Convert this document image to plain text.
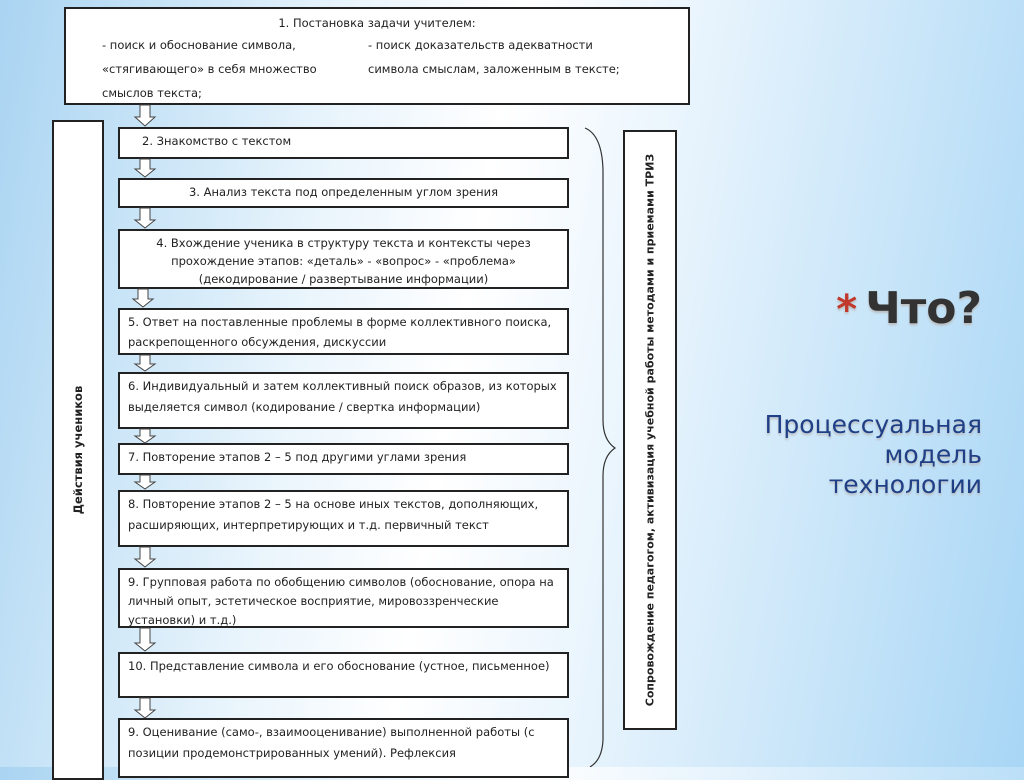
1. Постановка задачи учителем:
- поиск и обоснование символа,
«стягивающего» в себя множество
смыслов текста;
- поиск доказательств адекватности
символа смыслам, заложенным в тексте;
Действия учеников
2. Знакомство с текстом
3. Анализ текста под определенным углом зрения
4. Вхождение ученика в структуру текста и контексты через прохождение этапов: «деталь» - «вопрос» - «проблема» (декодирование / развертывание информации)
5. Ответ на поставленные проблемы в форме коллективного поиска, раскрепощенного обсуждения, дискуссии
6. Индивидуальный и затем коллективный поиск образов, из которых выделяется символ (кодирование / свертка информации)
7. Повторение этапов 2 – 5 под другими углами зрения
8. Повторение этапов 2 – 5 на основе иных текстов, дополняющих, расширяющих, интерпретирующих и т.д. первичный текст
9. Групповая работа по обобщению символов (обоснование, опора на личный опыт, эстетическое восприятие, мировоззренческие установки) и т.д.)
10. Представление символа и его обоснование (устное, письменное)
9. Оценивание (само-, взаимооценивание) выполненной работы (с позиции продемонстрированных умений). Рефлексия
Сопровождение педагогом, активизация учебной работы методами и приемами ТРИЗ	* Что?
Процессуальная
модель
технологии
